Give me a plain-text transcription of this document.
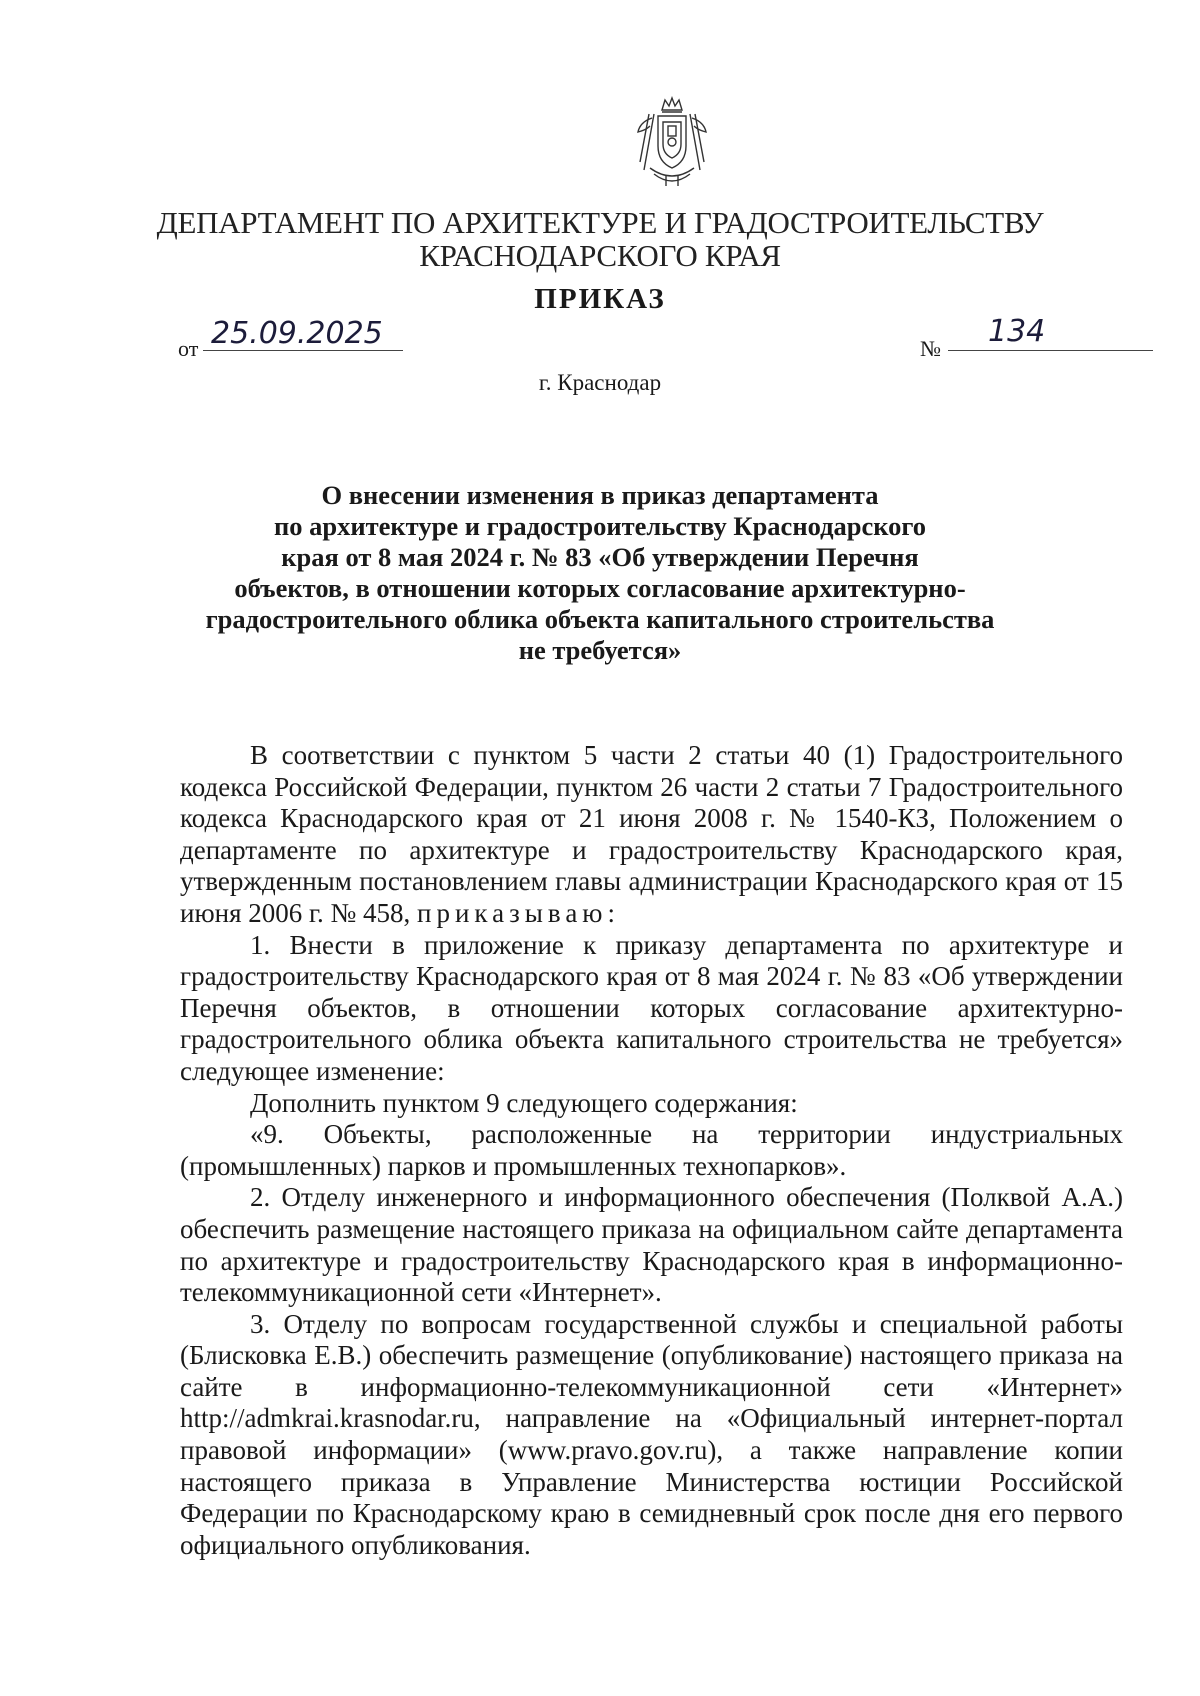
ДЕПАРТАМЕНТ ПО АРХИТЕКТУРЕ И ГРАДОСТРОИТЕЛЬСТВУ
КРАСНОДАРСКОГО КРАЯ
ПРИКАЗ
от 25.09.2025	№ 134
г. Краснодар
О внесении изменения в приказ департамента
по архитектуре и градостроительству Краснодарского
края от 8 мая 2024 г. № 83 «Об утверждении Перечня
объектов, в отношении которых согласование архитектурно-
градостроительного облика объекта капитального строительства
не требуется»

В соответствии с пунктом 5 части 2 статьи 40 (1) Градостроительного кодекса Российской Федерации, пунктом 26 части 2 статьи 7 Градостроительного кодекса Краснодарского края от 21 июня 2008 г. № 1540-КЗ, Положением о департаменте по архитектуре и градостроительству Краснодарского края, утвержденным постановлением главы администрации Краснодарского края от 15 июня 2006 г. № 458, приказываю:

1. Внести в приложение к приказу департамента по архитектуре и градостроительству Краснодарского края от 8 мая 2024 г. № 83 «Об утверждении Перечня объектов, в отношении которых согласование архитектурно-градостроительного облика объекта капитального строительства не требуется» следующее изменение:

Дополнить пунктом 9 следующего содержания:

«9. Объекты, расположенные на территории индустриальных (промышленных) парков и промышленных технопарков».

2. Отделу инженерного и информационного обеспечения (Полквой А.А.) обеспечить размещение настоящего приказа на официальном сайте департамента по архитектуре и градостроительству Краснодарского края в информационно-телекоммуникационной сети «Интернет».

3. Отделу по вопросам государственной службы и специальной работы (Блисковка Е.В.) обеспечить размещение (опубликование) настоящего приказа на сайте в информационно-телекоммуникационной сети «Интернет» http://admkrai.krasnodar.ru, направление на «Официальный интернет-портал правовой информации» (www.pravo.gov.ru), а также направление копии настоящего приказа в Управление Министерства юстиции Российской Федерации по Краснодарскому краю в семидневный срок после дня его первого официального опубликования.
